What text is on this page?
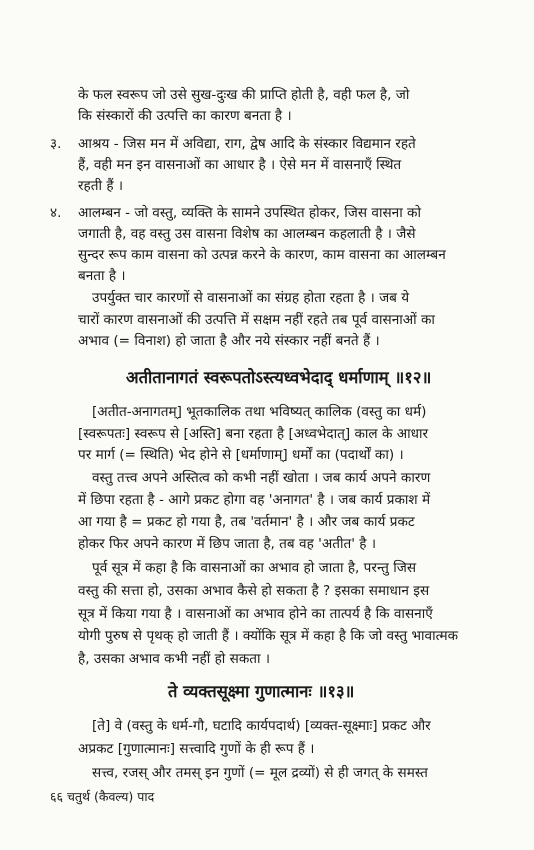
के फल स्वरूप जो उसे सुख-दुःख की प्राप्ति होती है, वही फल है, जो
कि संस्कारों की उत्पत्ति का कारण बनता है ।
३. आश्रय - जिस मन में अविद्या, राग, द्वेष आदि के संस्कार विद्यमान रहते
हैं, वही मन इन वासनाओं का आधार है । ऐसे मन में वासनाएँ स्थित
रहती हैं ।
४. आलम्बन - जो वस्तु, व्यक्ति के सामने उपस्थित होकर, जिस वासना को
जगाती है, वह वस्तु उस वासना विशेष का आलम्बन कहलाती है । जैसे
सुन्दर रूप काम वासना को उत्पन्न करने के कारण, काम वासना का आलम्बन
बनता है ।
उपर्युक्त चार कारणों से वासनाओं का संग्रह होता रहता है । जब ये
चारों कारण वासनाओं की उत्पत्ति में सक्षम नहीं रहते तब पूर्व वासनाओं का
अभाव (= विनाश) हो जाता है और नये संस्कार नहीं बनते हैं ।
अतीतानागतं स्वरूपतोऽस्त्यध्वभेदाद् धर्माणाम् ॥१२॥
[अतीत-अनागतम्] भूतकालिक तथा भविष्यत् कालिक (वस्तु का धर्म)
[स्वरूपतः] स्वरूप से [अस्ति] बना रहता है [अध्वभेदात्] काल के आधार
पर मार्ग (= स्थिति) भेद होने से [धर्माणाम्] धर्मों का (पदार्थों का) ।
वस्तु तत्त्व अपने अस्तित्व को कभी नहीं खोता । जब कार्य अपने कारण
में छिपा रहता है - आगे प्रकट होगा वह 'अनागत' है । जब कार्य प्रकाश में
आ गया है = प्रकट हो गया है, तब 'वर्तमान' है । और जब कार्य प्रकट
होकर फिर अपने कारण में छिप जाता है, तब वह 'अतीत' है ।
पूर्व सूत्र में कहा है कि वासनाओं का अभाव हो जाता है, परन्तु जिस
वस्तु की सत्ता हो, उसका अभाव कैसे हो सकता है ? इसका समाधान इस
सूत्र में किया गया है । वासनाओं का अभाव होने का तात्पर्य है कि वासनाएँ
योगी पुरुष से पृथक् हो जाती हैं । क्योंकि सूत्र में कहा है कि जो वस्तु भावात्मक
है, उसका अभाव कभी नहीं हो सकता ।
ते व्यक्तसूक्ष्मा गुणात्मानः ॥१३॥
[ते] वे (वस्तु के धर्म-गौ, घटादि कार्यपदार्थ) [व्यक्त-सूक्ष्माः] प्रकट और
अप्रकट [गुणात्मानः] सत्त्वादि गुणों के ही रूप हैं ।
सत्त्व, रजस् और तमस् इन गुणों (= मूल द्रव्यों) से ही जगत् के समस्त
६६ चतुर्थ (कैवल्य) पाद
